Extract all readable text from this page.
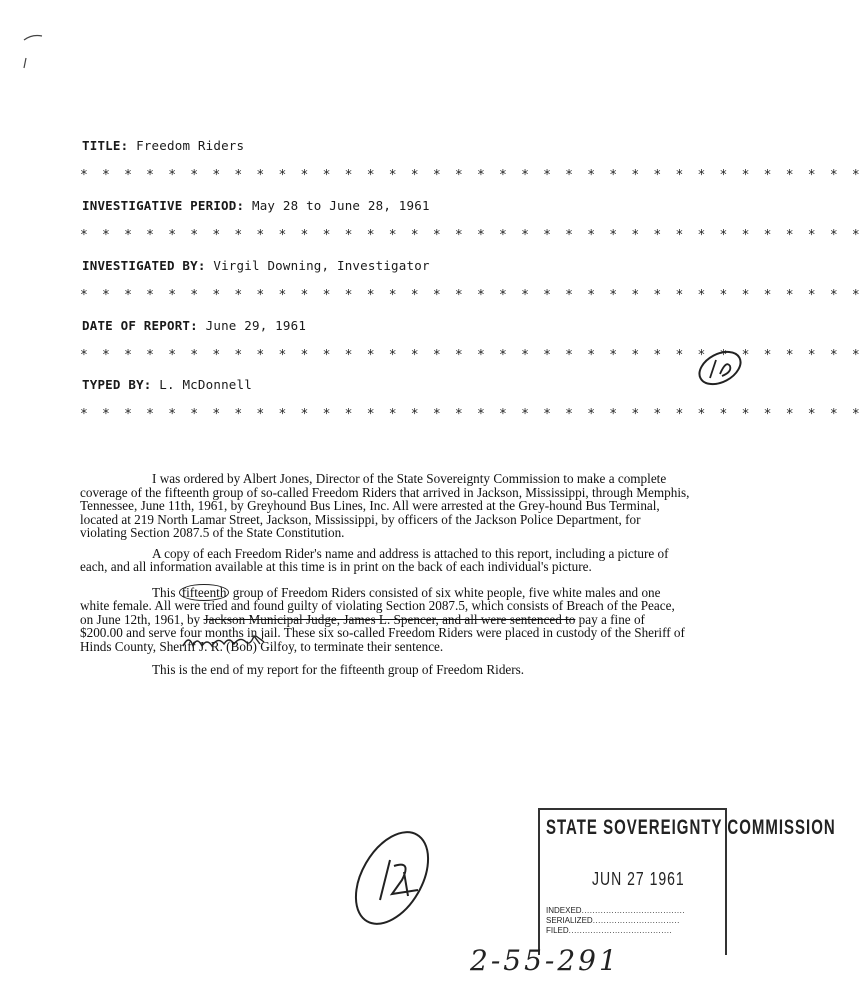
TITLE: Freedom Riders
* * * * * * * * * * * * * * * * * * * * * * * * * * * * * * * * * * * *
INVESTIGATIVE PERIOD: May 28 to June 28, 1961
* * * * * * * * * * * * * * * * * * * * * * * * * * * * * * * * * * * *
INVESTIGATED BY: Virgil Downing, Investigator
* * * * * * * * * * * * * * * * * * * * * * * * * * * * * * * * * * * *
DATE OF REPORT: June 29, 1961
* * * * * * * * * * * * * * * * * * * * * * * * * * * * * * * * * * * *
TYPED BY: L. McDonnell
* * * * * * * * * * * * * * * * * * * * * * * * * * * * * * * * * * * *

I was ordered by Albert Jones, Director of the State Sovereignty Commission to make a complete coverage of the fifteenth group of so-called Freedom Riders that arrived in Jackson, Mississippi, through Memphis, Tennessee, June 11th, 1961, by Greyhound Bus Lines, Inc. All were arrested at the Grey-hound Bus Terminal, located at 219 North Lamar Street, Jackson, Mississippi, by officers of the Jackson Police Department, for violating Section 2087.5 of the State Constitution.

A copy of each Freedom Rider's name and address is attached to this report, including a picture of each, and all information available at this time is in print on the back of each individual's picture.

This fifteenth group of Freedom Riders consisted of six white people, five white males and one white female. All were tried and found guilty of violating Section 2087.5, which consists of Breach of the Peace, on June 12th, 1961, by Jackson Municipal Judge, James L. Spencer, and all were sentenced to pay a fine of $200.00 and serve four months in jail. These six so-called Freedom Riders were placed in custody of the Sheriff of Hinds County, Sheriff J. R. (Bob) Gilfoy, to terminate their sentence.

This is the end of my report for the fifteenth group of Freedom Riders.

STATE SOVEREIGNTY COMMISSION
JUN 27 1961
INDEXED......................................
SERIALIZED................................
FILED......................................
2-55-291
